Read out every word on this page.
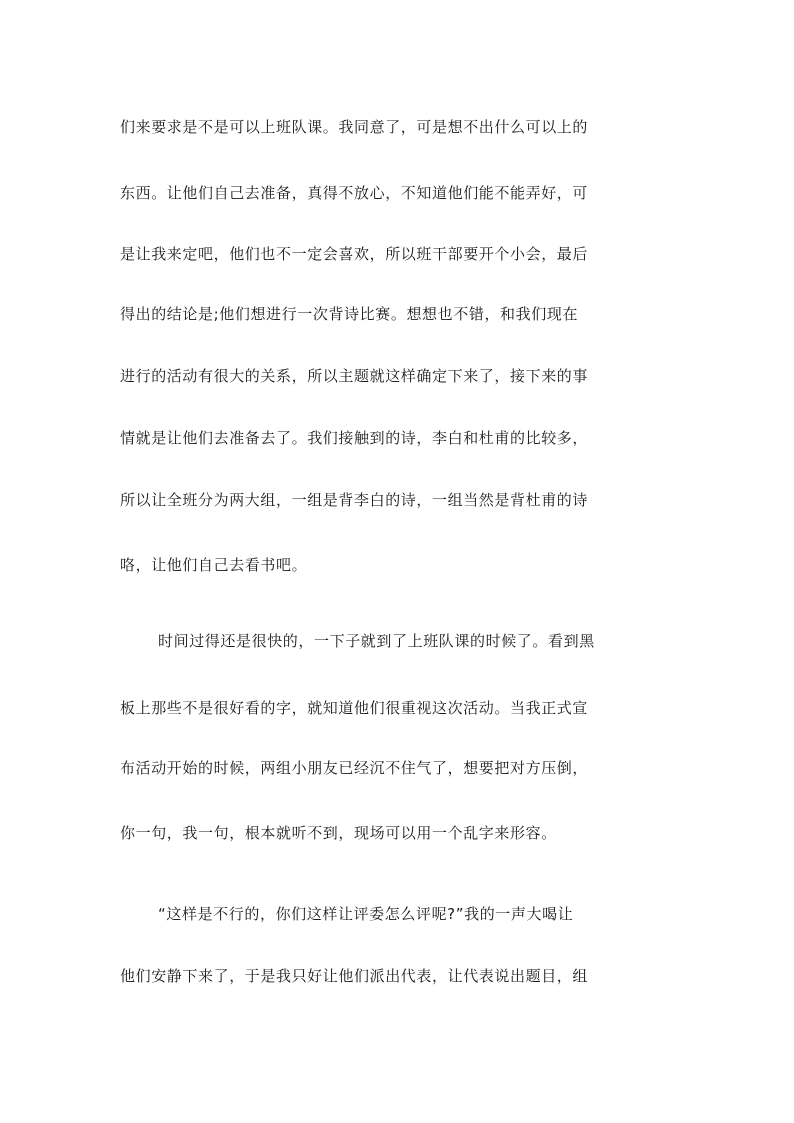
们来要求是不是可以上班队课。我同意了，可是想不出什么可以上的
东西。让他们自己去准备，真得不放心，不知道他们能不能弄好，可
是让我来定吧，他们也不一定会喜欢，所以班干部要开个小会，最后
得出的结论是;他们想进行一次背诗比赛。想想也不错，和我们现在
进行的活动有很大的关系，所以主题就这样确定下来了，接下来的事
情就是让他们去准备去了。我们接触到的诗，李白和杜甫的比较多，
所以让全班分为两大组，一组是背李白的诗，一组当然是背杜甫的诗
咯，让他们自己去看书吧。
时间过得还是很快的，一下子就到了上班队课的时候了。看到黑
板上那些不是很好看的字，就知道他们很重视这次活动。当我正式宣
布活动开始的时候，两组小朋友已经沉不住气了，想要把对方压倒，
你一句，我一句，根本就听不到，现场可以用一个乱字来形容。
“这样是不行的，你们这样让评委怎么评呢?”我的一声大喝让
他们安静下来了，于是我只好让他们派出代表，让代表说出题目，组
